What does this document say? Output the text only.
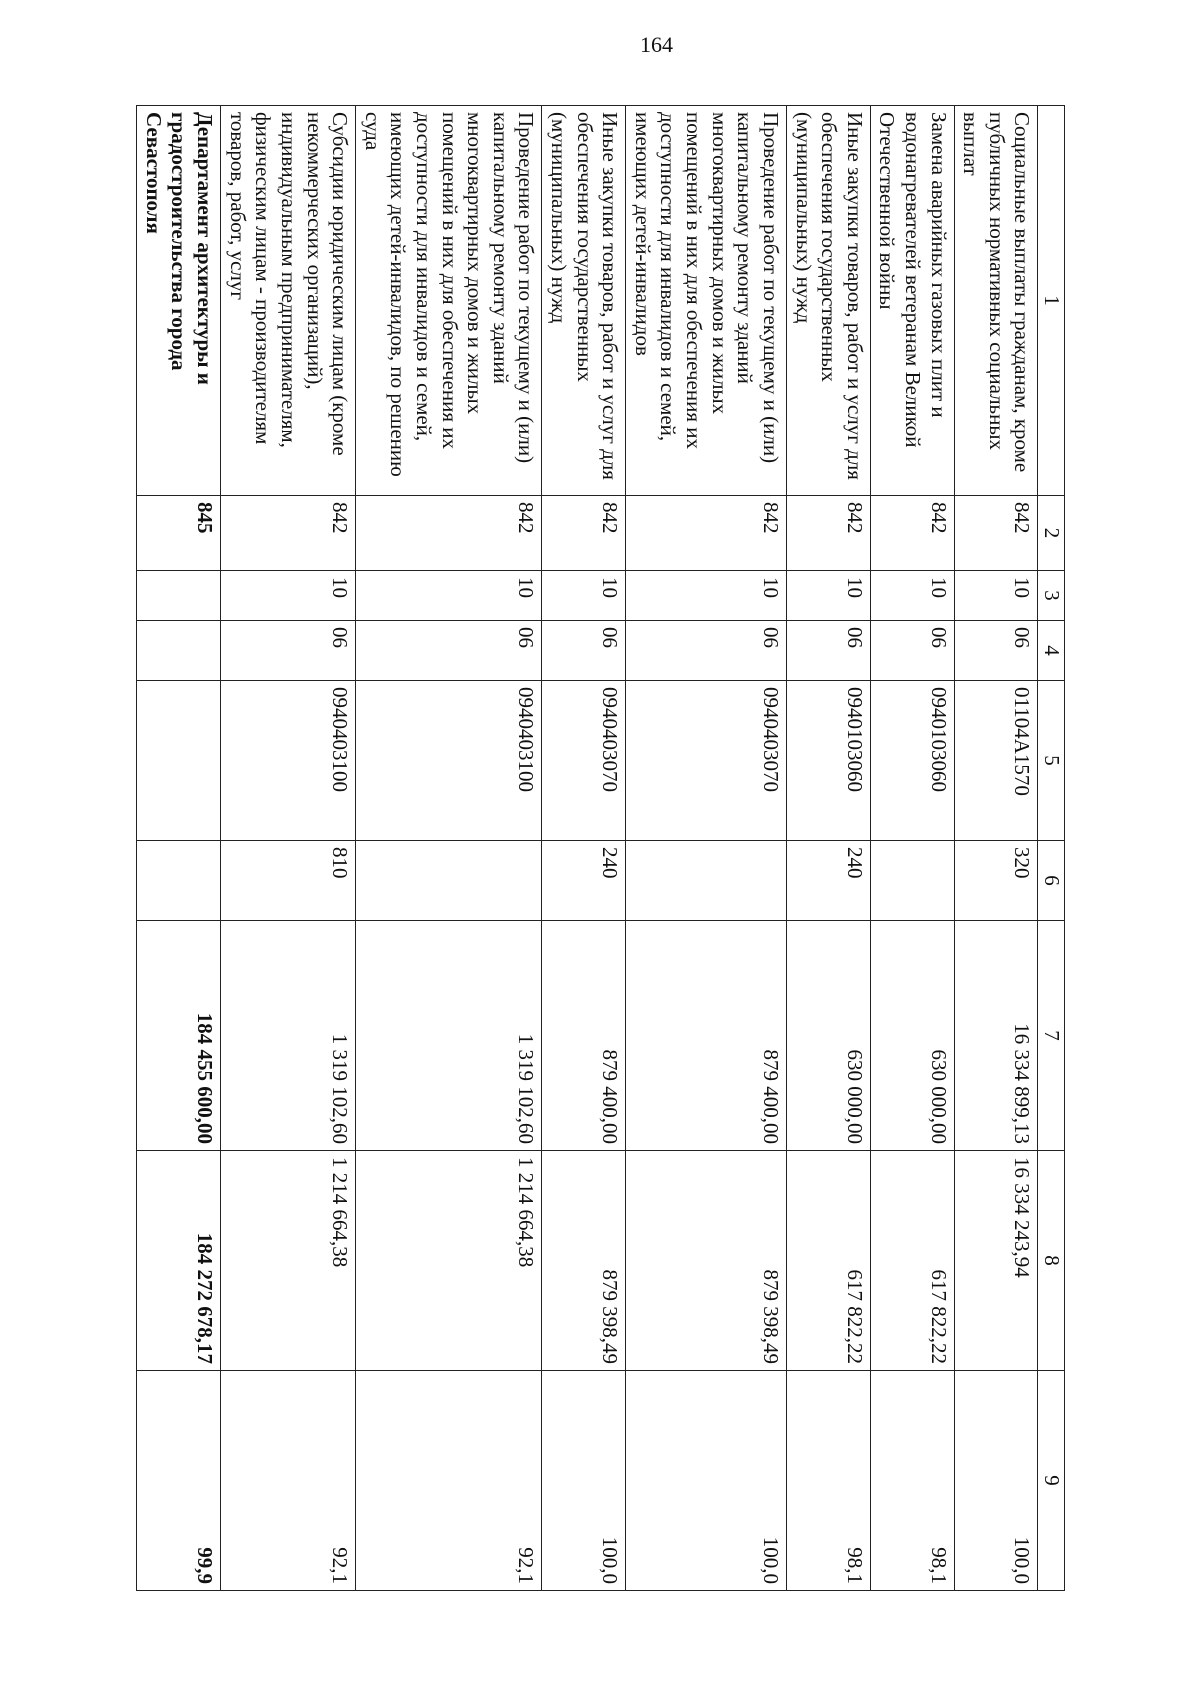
164
1	2	3	4	5	6	7	8	9
Социальные выплаты гражданам, кроме публичных нормативных социальных выплат	842	10	06	01104А1570	320	16 334 899,13	16 334 243,94	100,0
Замена аварийных газовых плит и водонагревателей ветеранам Великой Отечественной войны	842	10	06	0940103060		630 000,00	617 822,22	98,1
Иные закупки товаров, работ и услуг для обеспечения государственных (муниципальных) нужд	842	10	06	0940103060	240	630 000,00	617 822,22	98,1
Проведение работ по текущему и (или) капитальному ремонту зданий многоквартирных домов и жилых помещений в них для обеспечения их доступности для инвалидов и семей, имеющих детей-инвалидов	842	10	06	0940403070		879 400,00	879 398,49	100,0
Иные закупки товаров, работ и услуг для обеспечения государственных (муниципальных) нужд	842	10	06	0940403070	240	879 400,00	879 398,49	100,0
Проведение работ по текущему и (или) капитальному ремонту зданий многоквартирных домов и жилых помещений в них для обеспечения их доступности для инвалидов и семей, имеющих детей-инвалидов, по решению суда	842	10	06	0940403100		1 319 102,60	1 214 664,38	92,1
Субсидии юридическим лицам (кроме некоммерческих организаций), индивидуальным предпринимателям, физическим лицам - производителям товаров, работ, услуг	842	10	06	0940403100	810	1 319 102,60	1 214 664,38	92,1
Департамент архитектуры и градостроительства города Севастополя	845					184 455 600,00	184 272 678,17	99,9
